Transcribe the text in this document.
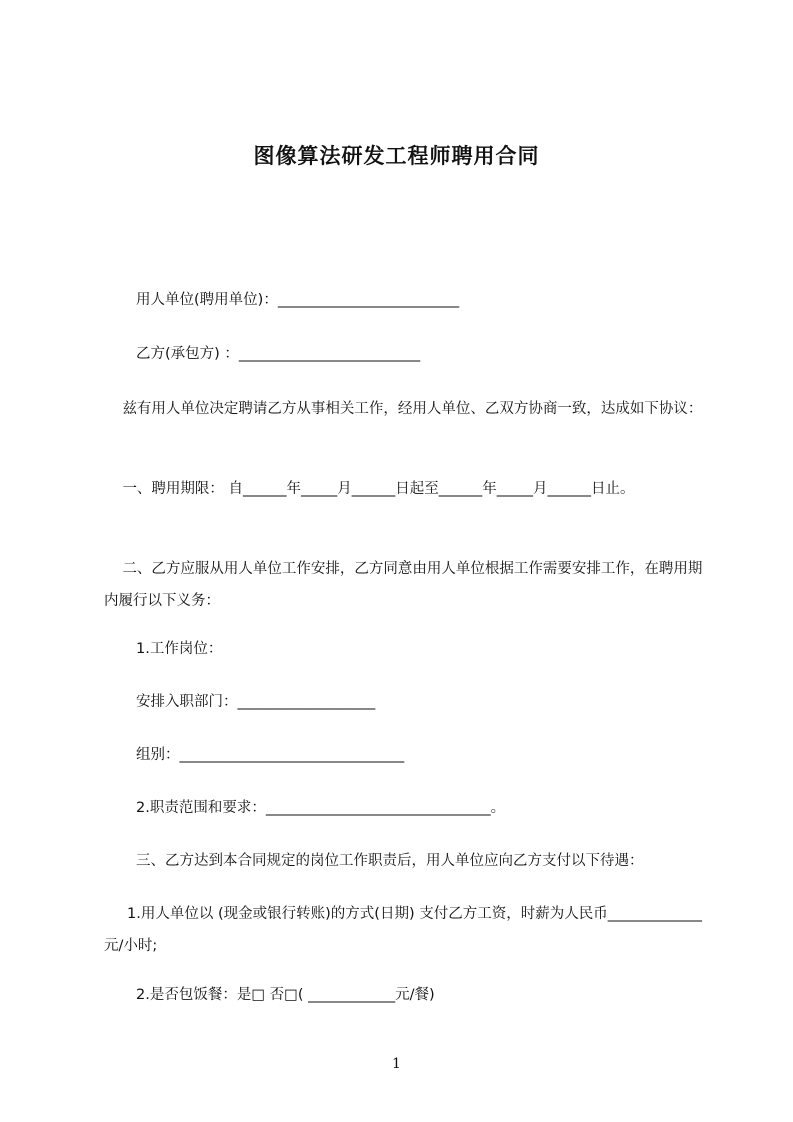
图像算法研发工程师聘用合同
用人单位(聘用单位)：_________________________
乙方(承包方) ：_________________________
兹有用人单位决定聘请乙方从事相关工作，经用人单位、乙双方协商一致，达成如下协议：
一、聘用期限： 自______年_____月______日起至______年_____月______日止。
二、乙方应服从用人单位工作安排，乙方同意由用人单位根据工作需要安排工作，在聘用期内履行以下义务：
1.工作岗位：
安排入职部门：___________________
组别：_______________________________
2.职责范围和要求：_______________________________。
三、乙方达到本合同规定的岗位工作职责后，用人单位应向乙方支付以下待遇：
1.用人单位以 (现金或银行转账)的方式(日期) 支付乙方工资，时薪为人民币_____________元/小时;
2.是否包饭餐：是□ 否□( ____________元/餐)
1
